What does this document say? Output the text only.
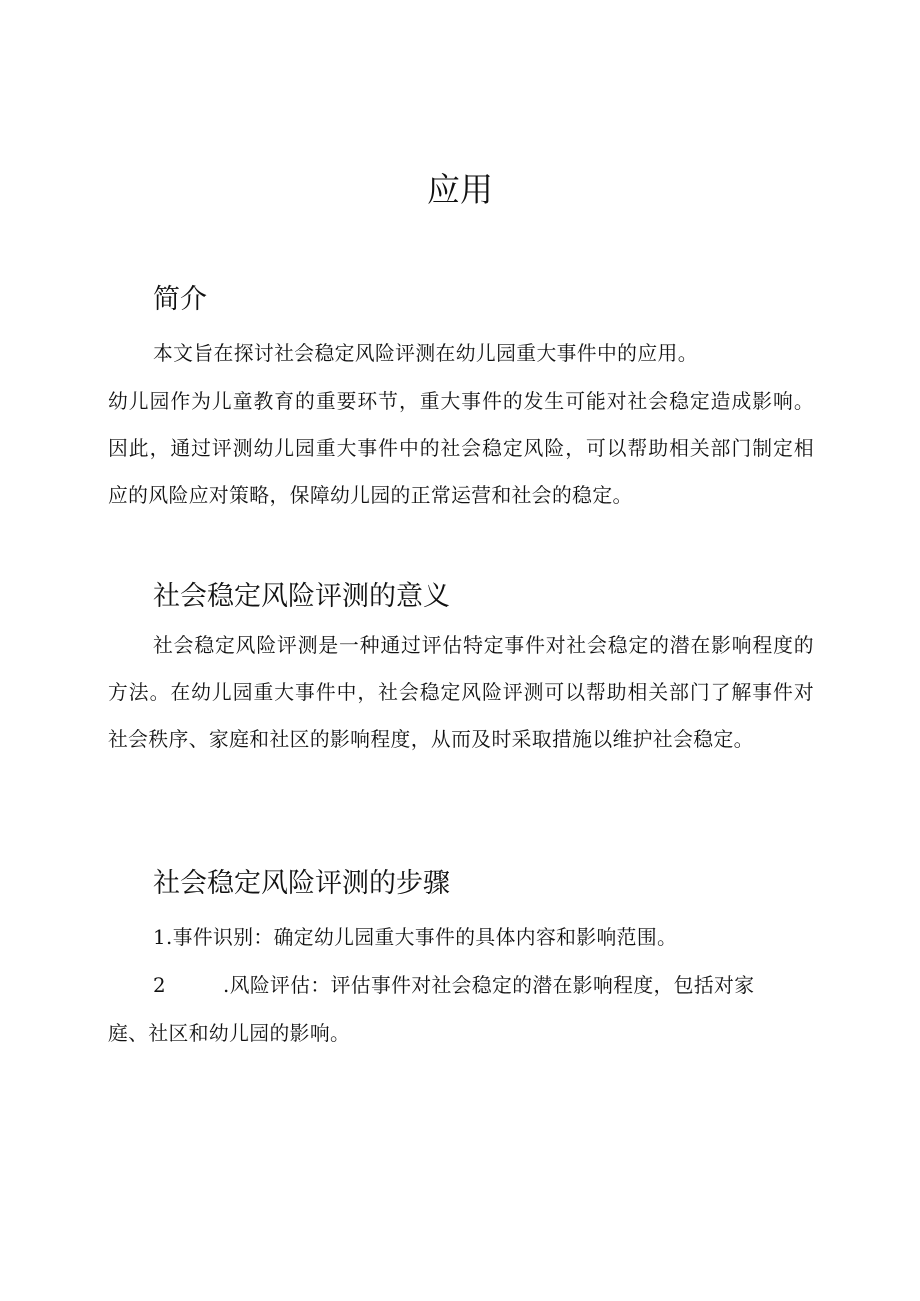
应用
简介

本文旨在探讨社会稳定风险评测在幼儿园重大事件中的应用。

幼儿园作为儿童教育的重要环节，重大事件的发生可能对社会稳定造成影响。因此，通过评测幼儿园重大事件中的社会稳定风险，可以帮助相关部门制定相应的风险应对策略，保障幼儿园的正常运营和社会的稳定。

社会稳定风险评测的意义

社会稳定风险评测是一种通过评估特定事件对社会稳定的潜在影响程度的方法。在幼儿园重大事件中，社会稳定风险评测可以帮助相关部门了解事件对社会秩序、家庭和社区的影响程度，从而及时采取措施以维护社会稳定。

社会稳定风险评测的步骤

1.事件识别：确定幼儿园重大事件的具体内容和影响范围。

2	.风险评估：评估事件对社会稳定的潜在影响程度，包括对家

庭、社区和幼儿园的影响。
